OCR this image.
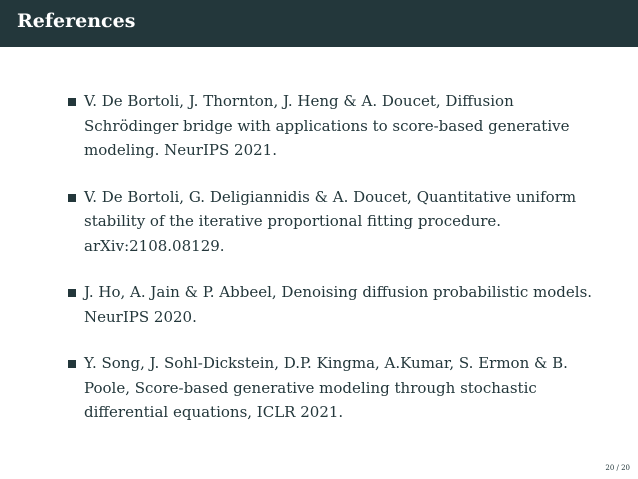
References
V. De Bortoli, J. Thornton, J. Heng & A. Doucet, Diffusion Schrödinger bridge with applications to score-based generative modeling. NeurIPS 2021.
V. De Bortoli, G. Deligiannidis & A. Doucet, Quantitative uniform stability of the iterative proportional fitting procedure. arXiv:2108.08129.
J. Ho, A. Jain & P. Abbeel, Denoising diffusion probabilistic models. NeurIPS 2020.
Y. Song, J. Sohl-Dickstein, D.P. Kingma, A.Kumar, S. Ermon & B. Poole, Score-based generative modeling through stochastic differential equations, ICLR 2021.
20 / 20
